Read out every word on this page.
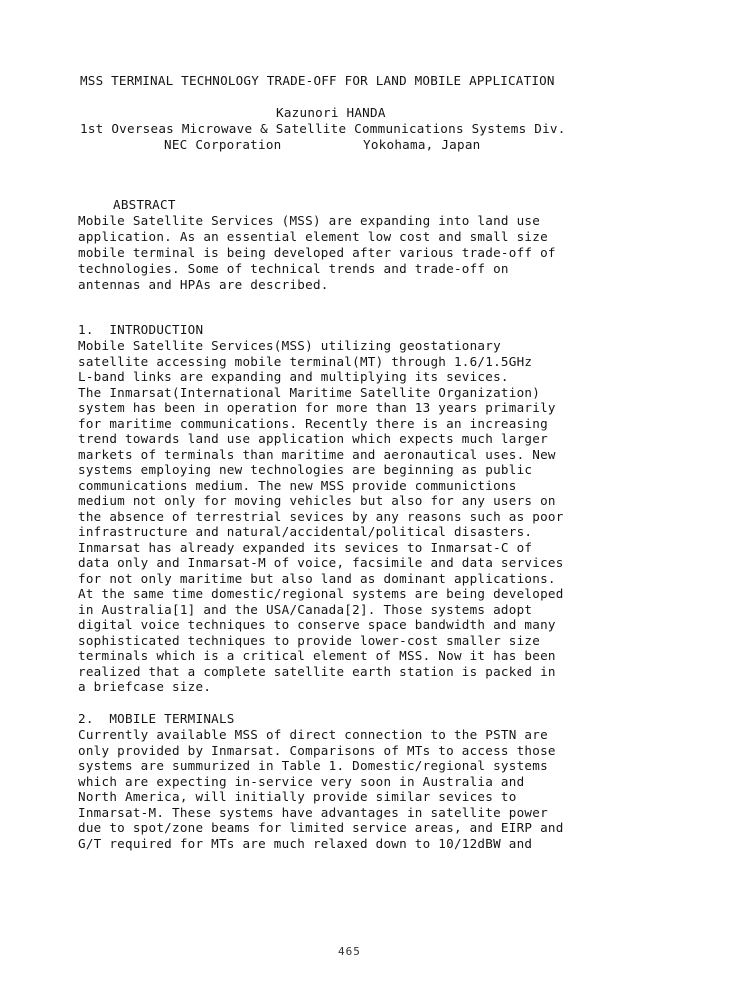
MSS TERMINAL TECHNOLOGY TRADE-OFF FOR LAND MOBILE APPLICATION
Kazunori HANDA
1st Overseas Microwave & Satellite Communications Systems Div.
NEC Corporation	Yokohama, Japan
ABSTRACT
Mobile Satellite Services (MSS) are expanding into land use
application. As an essential element low cost and small size
mobile terminal is being developed after various trade-off of
technologies. Some of technical trends and trade-off on
antennas and HPAs are described.
1.  INTRODUCTION
Mobile Satellite Services(MSS) utilizing geostationary
satellite accessing mobile terminal(MT) through 1.6/1.5GHz
L-band links are expanding and multiplying its sevices.
The Inmarsat(International Maritime Satellite Organization)
system has been in operation for more than 13 years primarily
for maritime communications. Recently there is an increasing
trend towards land use application which expects much larger
markets of terminals than maritime and aeronautical uses. New
systems employing new technologies are beginning as public
communications medium. The new MSS provide communictions
medium not only for moving vehicles but also for any users on
the absence of terrestrial sevices by any reasons such as poor
infrastructure and natural/accidental/political disasters.
Inmarsat has already expanded its sevices to Inmarsat-C of
data only and Inmarsat-M of voice, facsimile and data services
for not only maritime but also land as dominant applications.
At the same time domestic/regional systems are being developed
in Australia[1] and the USA/Canada[2]. Those systems adopt
digital voice techniques to conserve space bandwidth and many
sophisticated techniques to provide lower-cost smaller size
terminals which is a critical element of MSS. Now it has been
realized that a complete satellite earth station is packed in
a briefcase size.
2.  MOBILE TERMINALS
Currently available MSS of direct connection to the PSTN are
only provided by Inmarsat. Comparisons of MTs to access those
systems are summurized in Table 1. Domestic/regional systems
which are expecting in-service very soon in Australia and
North America, will initially provide similar sevices to
Inmarsat-M. These systems have advantages in satellite power
due to spot/zone beams for limited service areas, and EIRP and
G/T required for MTs are much relaxed down to 10/12dBW and
465
